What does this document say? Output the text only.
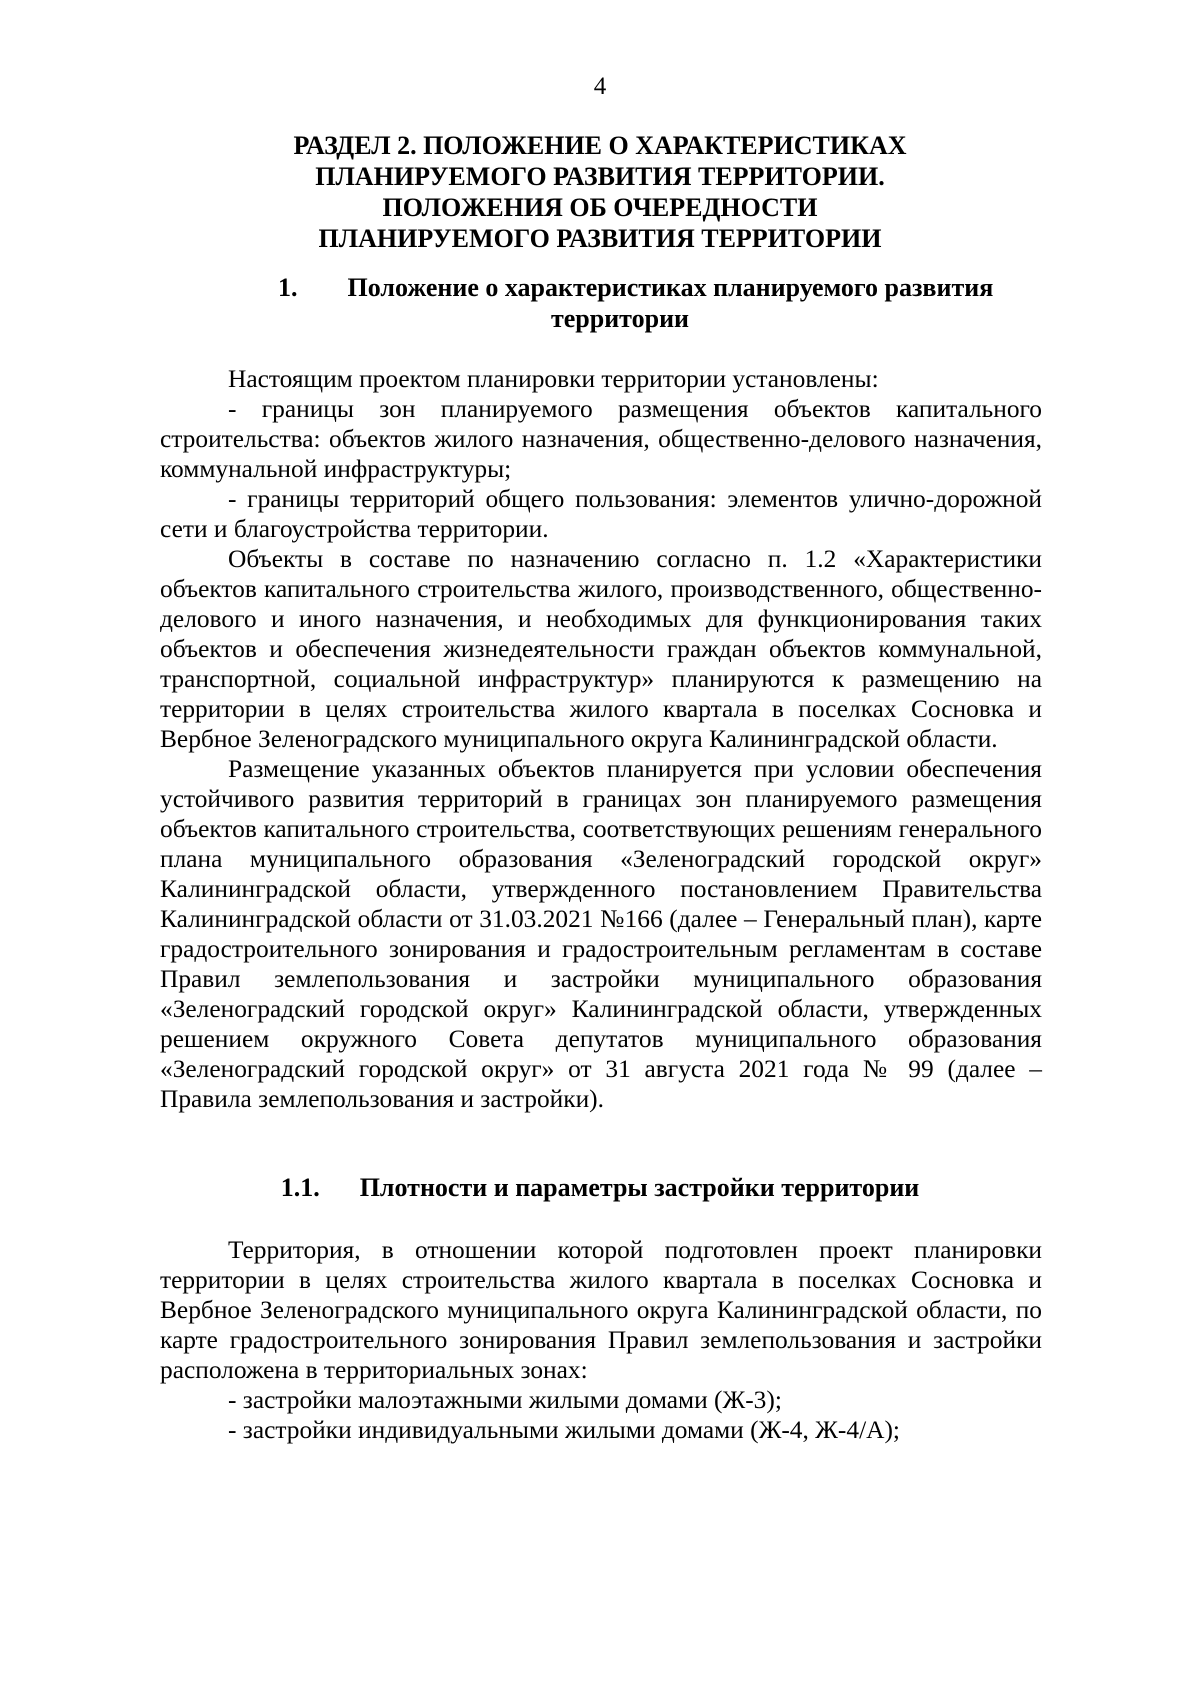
4
РАЗДЕЛ 2. ПОЛОЖЕНИЕ О ХАРАКТЕРИСТИКАХ
ПЛАНИРУЕМОГО РАЗВИТИЯ ТЕРРИТОРИИ.
ПОЛОЖЕНИЯ ОБ ОЧЕРЕДНОСТИ
ПЛАНИРУЕМОГО РАЗВИТИЯ ТЕРРИТОРИИ
1. Положение о характеристиках планируемого развития
территории

Настоящим проектом планировки территории установлены:

- границы зон планируемого размещения объектов капитального строительства: объектов жилого назначения, общественно-делового назначения, коммунальной инфраструктуры;

- границы территорий общего пользования: элементов улично-дорожной сети и благоустройства территории.

Объекты в составе по назначению согласно п. 1.2 «Характеристики объектов капитального строительства жилого, производственного, общественно-делового и иного назначения, и необходимых для функционирования таких объектов и обеспечения жизнедеятельности граждан объектов коммунальной, транспортной, социальной инфраструктур» планируются к размещению на территории в целях строительства жилого квартала в поселках Сосновка и Вербное Зеленоградского муниципального округа Калининградской области.

Размещение указанных объектов планируется при условии обеспечения устойчивого развития территорий в границах зон планируемого размещения объектов капитального строительства, соответствующих решениям генерального плана муниципального образования «Зеленоградский городской округ» Калининградской области, утвержденного постановлением Правительства Калининградской области от 31.03.2021 №166 (далее – Генеральный план), карте градостроительного зонирования и градостроительным регламентам в составе Правил землепользования и застройки муниципального образования «Зеленоградский городской округ» Калининградской области, утвержденных решением окружного Совета депутатов муниципального образования «Зеленоградский городской округ» от 31 августа 2021 года № 99 (далее – Правила землепользования и застройки).

1.1. Плотности и параметры застройки территории

Территория, в отношении которой подготовлен проект планировки территории в целях строительства жилого квартала в поселках Сосновка и Вербное Зеленоградского муниципального округа Калининградской области, по карте градостроительного зонирования Правил землепользования и застройки расположена в территориальных зонах:

- застройки малоэтажными жилыми домами (Ж-3);

- застройки индивидуальными жилыми домами (Ж-4, Ж-4/А);
